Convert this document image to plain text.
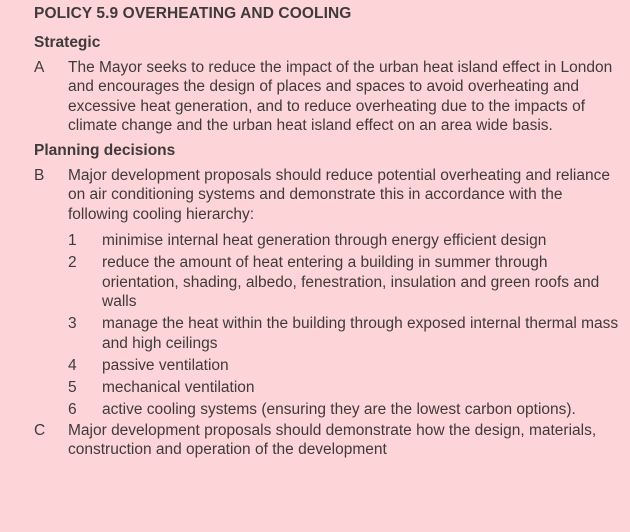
POLICY 5.9 OVERHEATING AND COOLING
Strategic
A	The Mayor seeks to reduce the impact of the urban heat island effect in London and encourages the design of places and spaces to avoid overheating and excessive heat generation, and to reduce overheating due to the impacts of climate change and the urban heat island effect on an area wide basis.
Planning decisions
B	Major development proposals should reduce potential overheating and reliance on air conditioning systems and demonstrate this in accordance with the following cooling hierarchy:
1	minimise internal heat generation through energy efficient design
2	reduce the amount of heat entering a building in summer through orientation, shading, albedo, fenestration, insulation and green roofs and walls
3	manage the heat within the building through exposed internal thermal mass and high ceilings
4	passive ventilation
5	mechanical ventilation
6	active cooling systems (ensuring they are the lowest carbon options).
C	Major development proposals should demonstrate how the design, materials, construction and operation of the development
